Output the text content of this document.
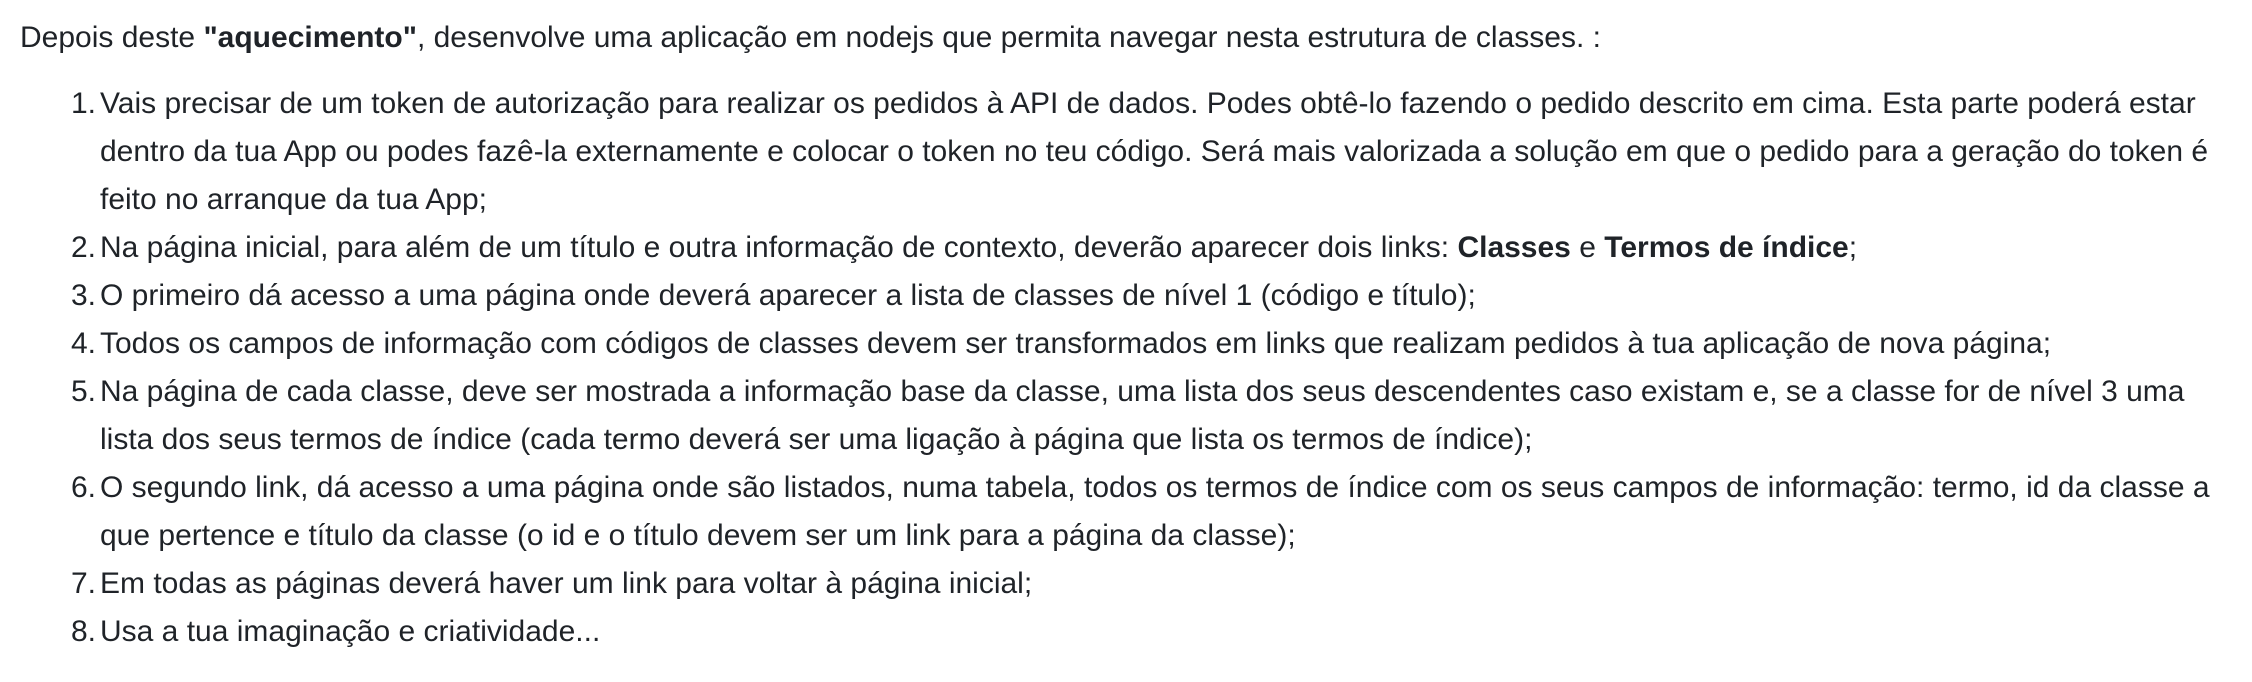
Depois deste "aquecimento", desenvolve uma aplicação em nodejs que permita navegar nesta estrutura de classes. :

1. Vais precisar de um token de autorização para realizar os pedidos à API de dados. Podes obtê-lo fazendo o pedido descrito em cima. Esta parte poderá estar dentro da tua App ou podes fazê-la externamente e colocar o token no teu código. Será mais valorizada a solução em que o pedido para a geração do token é feito no arranque da tua App;
2. Na página inicial, para além de um título e outra informação de contexto, deverão aparecer dois links: Classes e Termos de índice;
3. O primeiro dá acesso a uma página onde deverá aparecer a lista de classes de nível 1 (código e título);
4. Todos os campos de informação com códigos de classes devem ser transformados em links que realizam pedidos à tua aplicação de nova página;
5. Na página de cada classe, deve ser mostrada a informação base da classe, uma lista dos seus descendentes caso existam e, se a classe for de nível 3 uma lista dos seus termos de índice (cada termo deverá ser uma ligação à página que lista os termos de índice);
6. O segundo link, dá acesso a uma página onde são listados, numa tabela, todos os termos de índice com os seus campos de informação: termo, id da classe a que pertence e título da classe (o id e o título devem ser um link para a página da classe);
7. Em todas as páginas deverá haver um link para voltar à página inicial;
8. Usa a tua imaginação e criatividade...
